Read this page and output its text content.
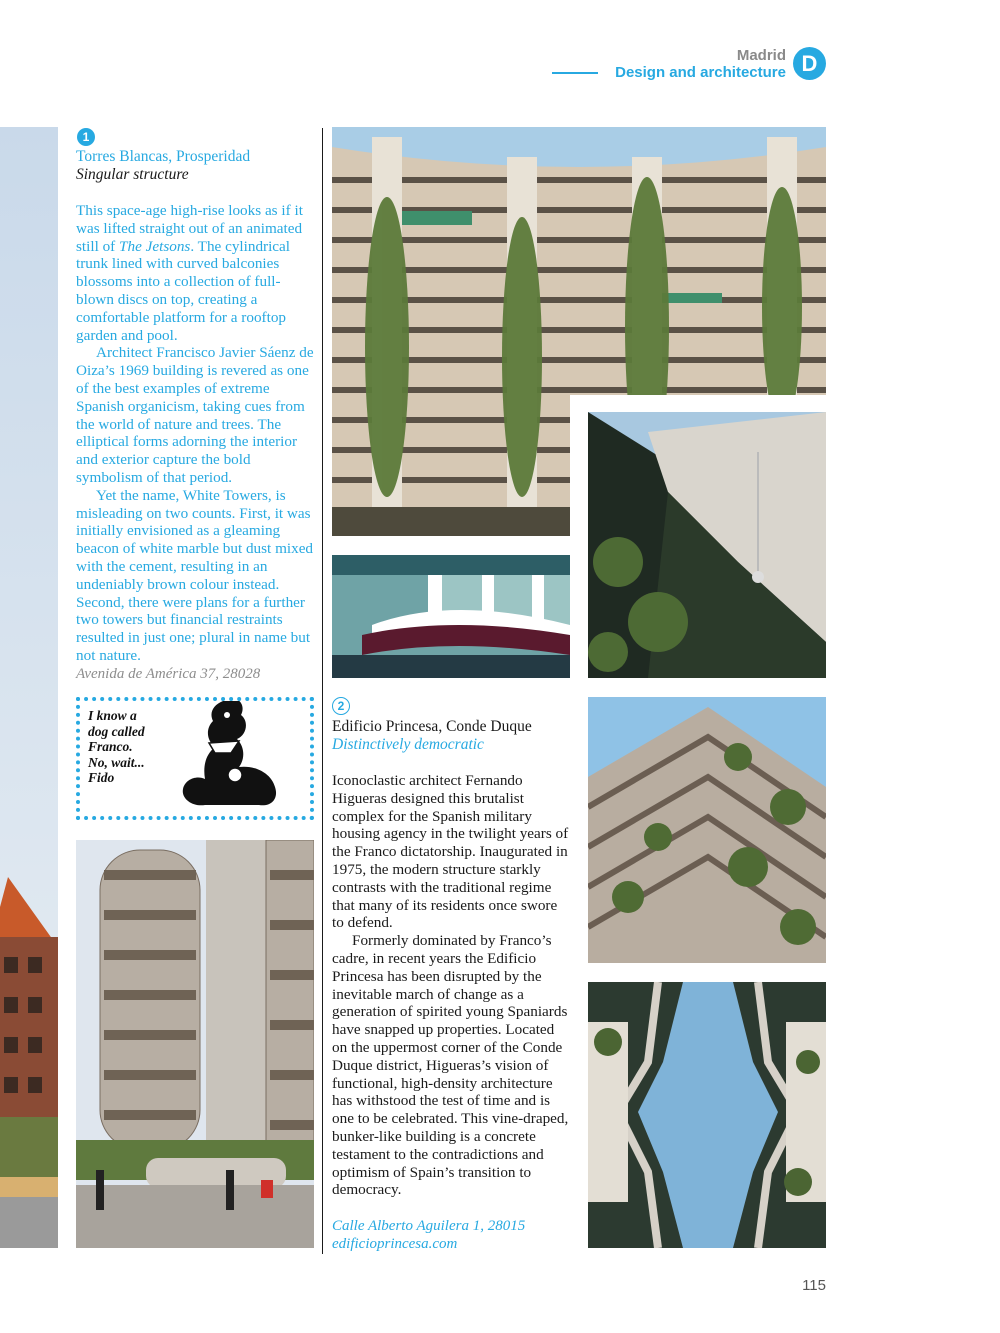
Madrid
Design and architecture D
1
Torres Blancas, Prosperidad
Singular structure

This space-age high-rise looks as if it was lifted straight out of an animated still of The Jetsons. The cylindrical trunk lined with curved balconies blossoms into a collection of full-blown discs on top, creating a comfortable platform for a rooftop garden and pool.

Architect Francisco Javier Sáenz de Oiza’s 1969 building is revered as one of the best examples of extreme Spanish organicism, taking cues from the world of nature and trees. The elliptical forms adorning the interior and exterior capture the bold symbolism of that period.

Yet the name, White Towers, is misleading on two counts. First, it was initially envisioned as a gleaming beacon of white marble but dust mixed with the cement, resulting in an undeniably brown colour instead. Second, there were plans for a further two towers but financial restraints resulted in just one; plural in name but not nature.

Avenida de América 37, 28028
I know a
dog called
Franco.
No, wait...
Fido
2
Edificio Princesa, Conde Duque
Distinctively democratic

Iconoclastic architect Fernando Higueras designed this brutalist complex for the Spanish military housing agency in the twilight years of the Franco dictatorship. Inaugurated in 1975, the modern structure starkly contrasts with the traditional regime that many of its residents once swore to defend.

Formerly dominated by Franco’s cadre, in recent years the Edificio Princesa has been disrupted by the inevitable march of change as a generation of spirited young Spaniards have snapped up properties. Located on the uppermost corner of the Conde Duque district, Higueras’s vision of functional, high-density architecture has withstood the test of time and is one to be celebrated. This vine-draped, bunker-like building is a concrete testament to the contradictions and optimism of Spain’s transition to democracy.

Calle Alberto Aguilera 1, 28015
edificioprincesa.com
115
